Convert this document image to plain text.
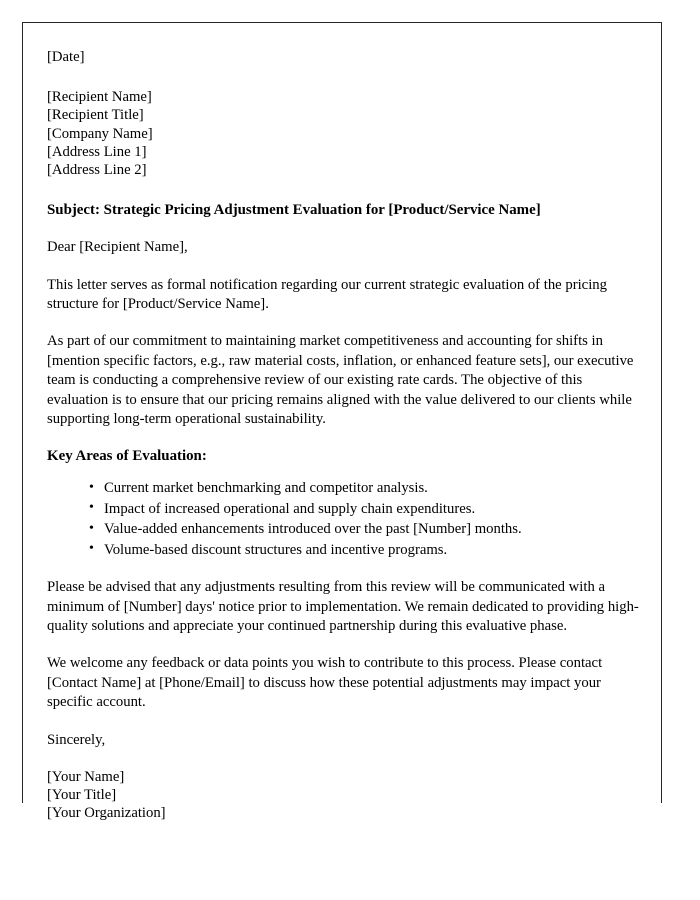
[Date]
[Recipient Name]
[Recipient Title]
[Company Name]
[Address Line 1]
[Address Line 2]
Subject: Strategic Pricing Adjustment Evaluation for [Product/Service Name]
Dear [Recipient Name],

This letter serves as formal notification regarding our current strategic evaluation of the pricing structure for [Product/Service Name].

As part of our commitment to maintaining market competitiveness and accounting for shifts in [mention specific factors, e.g., raw material costs, inflation, or enhanced feature sets], our executive team is conducting a comprehensive review of our existing rate cards. The objective of this evaluation is to ensure that our pricing remains aligned with the value delivered to our clients while supporting long-term operational sustainability.

Key Areas of Evaluation:
• Current market benchmarking and competitor analysis.
• Impact of increased operational and supply chain expenditures.
• Value-added enhancements introduced over the past [Number] months.
• Volume-based discount structures and incentive programs.

Please be advised that any adjustments resulting from this review will be communicated with a minimum of [Number] days' notice prior to implementation. We remain dedicated to providing high-quality solutions and appreciate your continued partnership during this evaluative phase.

We welcome any feedback or data points you wish to contribute to this process. Please contact [Contact Name] at [Phone/Email] to discuss how these potential adjustments may impact your specific account.

Sincerely,
[Your Name]
[Your Title]
[Your Organization]
